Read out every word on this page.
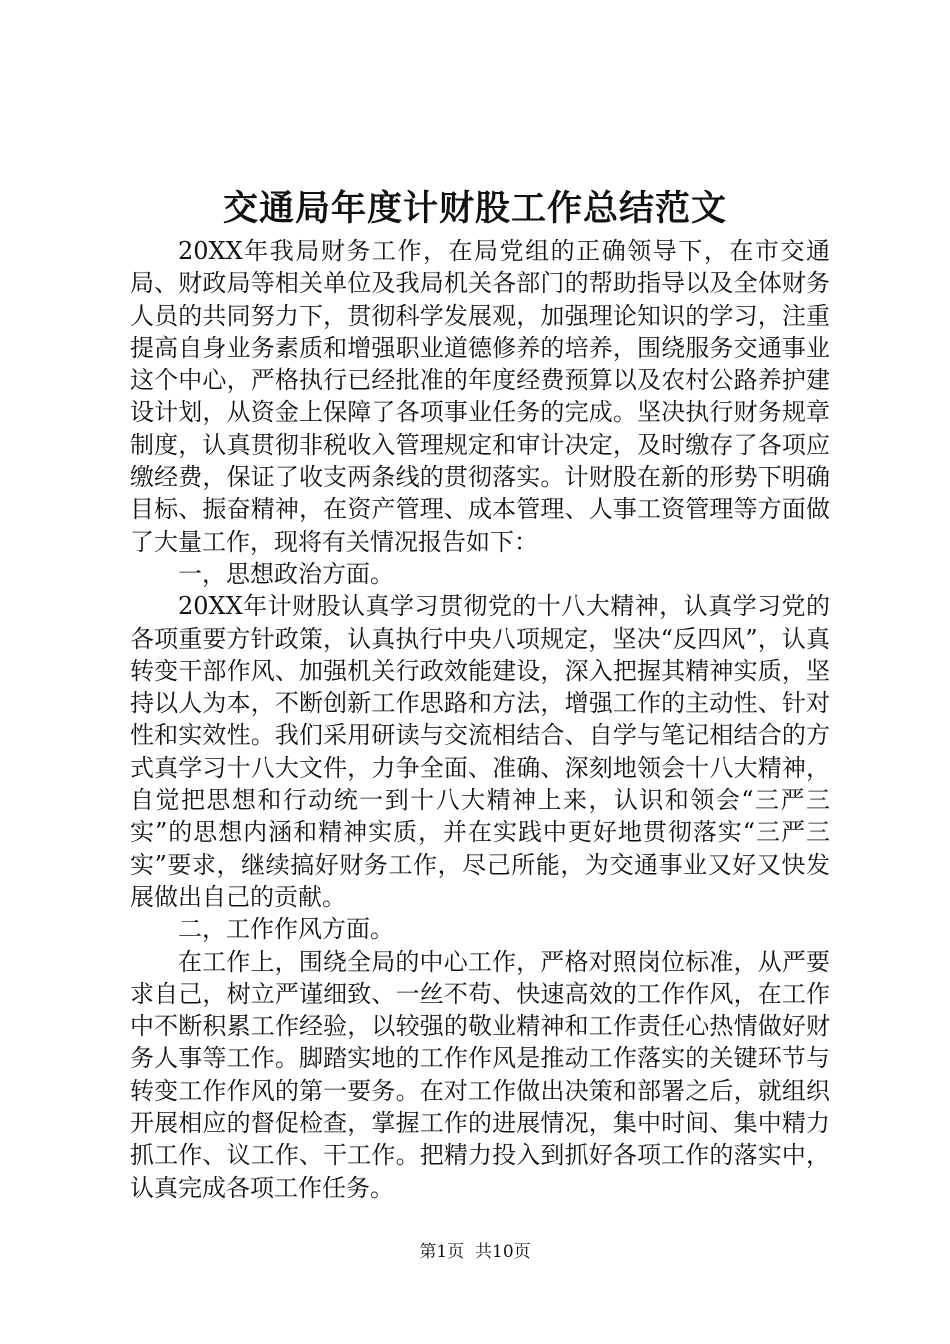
交通局年度计财股工作总结范文

20XX年我局财务工作，在局党组的正确领导下，在市交通局、财政局等相关单位及我局机关各部门的帮助指导以及全体财务人员的共同努力下，贯彻科学发展观，加强理论知识的学习，注重提高自身业务素质和增强职业道德修养的培养，围绕服务交通事业这个中心，严格执行已经批准的年度经费预算以及农村公路养护建设计划，从资金上保障了各项事业任务的完成。坚决执行财务规章制度，认真贯彻非税收入管理规定和审计决定，及时缴存了各项应缴经费，保证了收支两条线的贯彻落实。计财股在新的形势下明确目标、振奋精神，在资产管理、成本管理、人事工资管理等方面做了大量工作，现将有关情况报告如下：

一，思想政治方面。

20XX年计财股认真学习贯彻党的十八大精神，认真学习党的各项重要方针政策，认真执行中央八项规定，坚决“反四风”，认真转变干部作风、加强机关行政效能建设，深入把握其精神实质，坚持以人为本，不断创新工作思路和方法，增强工作的主动性、针对性和实效性。我们采用研读与交流相结合、自学与笔记相结合的方式真学习十八大文件，力争全面、准确、深刻地领会十八大精神，自觉把思想和行动统一到十八大精神上来，认识和领会“三严三实”的思想内涵和精神实质，并在实践中更好地贯彻落实“三严三实”要求，继续搞好财务工作，尽己所能，为交通事业又好又快发展做出自己的贡献。

二，工作作风方面。

在工作上，围绕全局的中心工作，严格对照岗位标准，从严要求自己，树立严谨细致、一丝不苟、快速高效的工作作风，在工作中不断积累工作经验，以较强的敬业精神和工作责任心热情做好财务人事等工作。脚踏实地的工作作风是推动工作落实的关键环节与转变工作作风的第一要务。在对工作做出决策和部署之后，就组织开展相应的督促检查，掌握工作的进展情况，集中时间、集中精力抓工作、议工作、干工作。把精力投入到抓好各项工作的落实中，认真完成各项工作任务。

第1页 共10页
